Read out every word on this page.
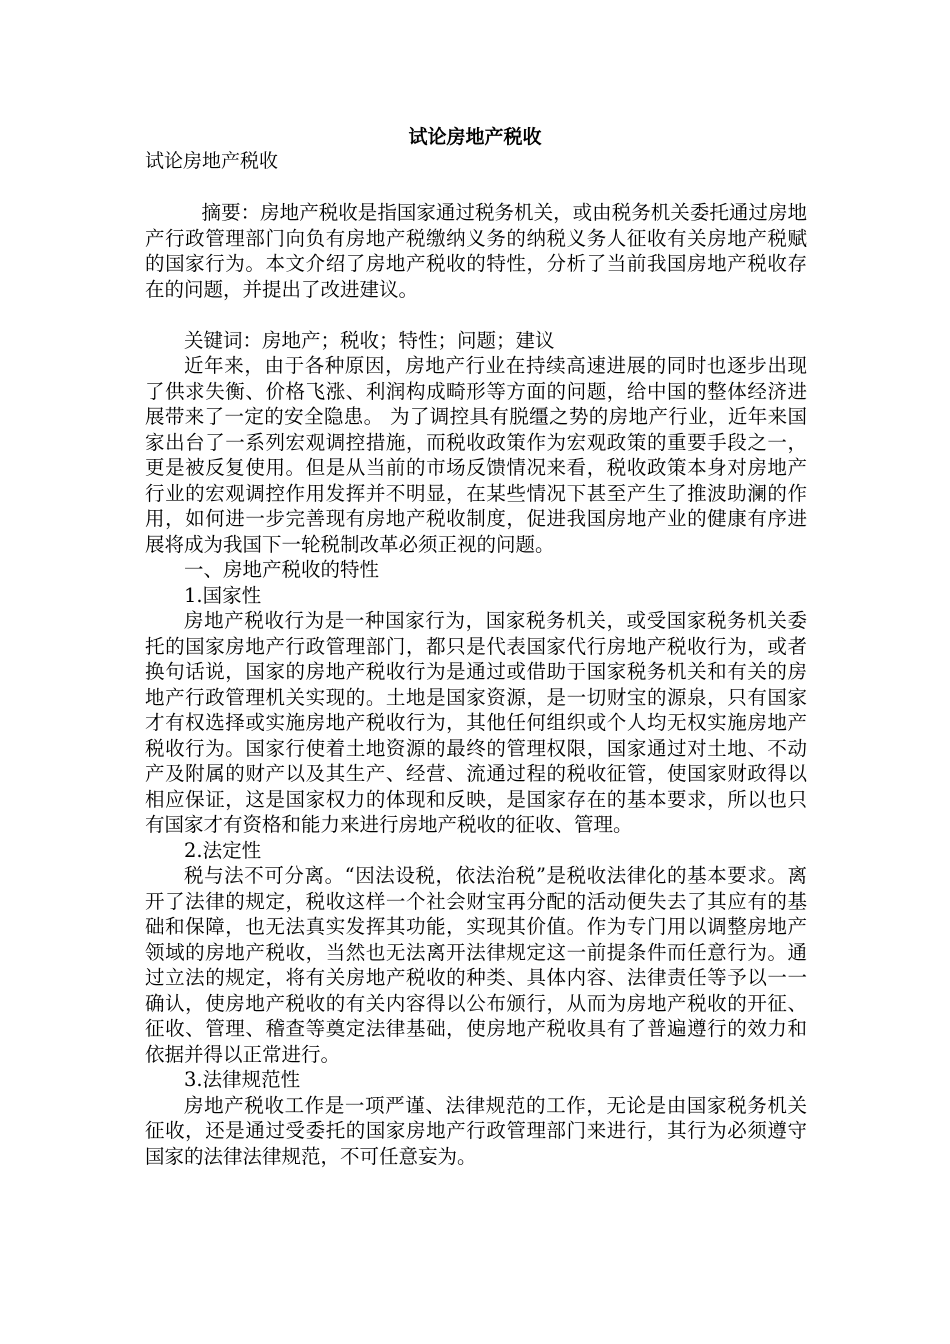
试论房地产税收
试论房地产税收

摘要：房地产税收是指国家通过税务机关，或由税务机关委托通过房地产行政管理部门向负有房地产税缴纳义务的纳税义务人征收有关房地产税赋的国家行为。本文介绍了房地产税收的特性，分析了当前我国房地产税收存在的问题，并提出了改进建议。

关键词：房地产；税收；特性；问题；建议

近年来，由于各种原因，房地产行业在持续高速进展的同时也逐步出现了供求失衡、价格飞涨、利润构成畸形等方面的问题，给中国的整体经济进展带来了一定的安全隐患。 为了调控具有脱缰之势的房地产行业，近年来国家出台了一系列宏观调控措施，而税收政策作为宏观政策的重要手段之一，更是被反复使用。但是从当前的市场反馈情况来看，税收政策本身对房地产行业的宏观调控作用发挥并不明显，在某些情况下甚至产生了推波助澜的作用，如何进一步完善现有房地产税收制度，促进我国房地产业的健康有序进展将成为我国下一轮税制改革必须正视的问题。

一、房地产税收的特性

1.国家性

房地产税收行为是一种国家行为，国家税务机关，或受国家税务机关委托的国家房地产行政管理部门，都只是代表国家代行房地产税收行为，或者换句话说，国家的房地产税收行为是通过或借助于国家税务机关和有关的房地产行政管理机关实现的。土地是国家资源，是一切财宝的源泉，只有国家才有权选择或实施房地产税收行为，其他任何组织或个人均无权实施房地产税收行为。国家行使着土地资源的最终的管理权限，国家通过对土地、不动产及附属的财产以及其生产、经营、流通过程的税收征管，使国家财政得以相应保证，这是国家权力的体现和反映，是国家存在的基本要求，所以也只有国家才有资格和能力来进行房地产税收的征收、管理。

2.法定性

税与法不可分离。“因法设税，依法治税”是税收法律化的基本要求。离开了法律的规定，税收这样一个社会财宝再分配的活动便失去了其应有的基础和保障，也无法真实发挥其功能，实现其价值。作为专门用以调整房地产领域的房地产税收，当然也无法离开法律规定这一前提条件而任意行为。通过立法的规定，将有关房地产税收的种类、具体内容、法律责任等予以一一确认，使房地产税收的有关内容得以公布颁行，从而为房地产税收的开征、征收、管理、稽查等奠定法律基础，使房地产税收具有了普遍遵行的效力和依据并得以正常进行。

3.法律规范性

房地产税收工作是一项严谨、法律规范的工作，无论是由国家税务机关征收，还是通过受委托的国家房地产行政管理部门来进行，其行为必须遵守国家的法律法律规范，不可任意妄为。
